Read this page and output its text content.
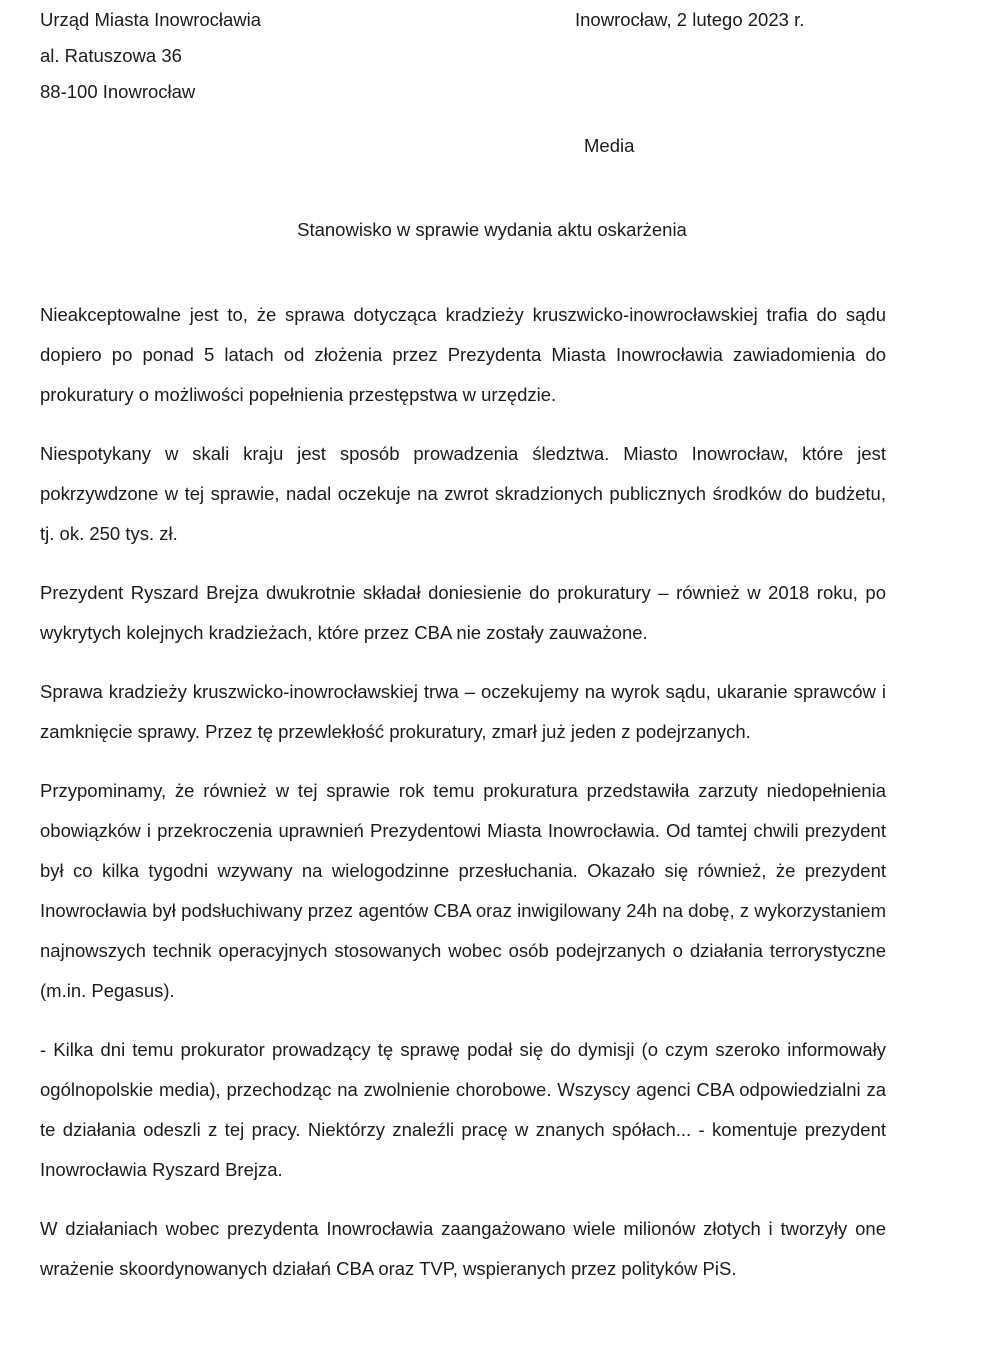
Urząd Miasta Inowrocławia
al. Ratuszowa 36
88-100 Inowrocław
Inowrocław, 2 lutego 2023 r.
Media
Stanowisko w sprawie wydania aktu oskarżenia

Nieakceptowalne jest to, że sprawa dotycząca kradzieży kruszwicko-inowrocławskiej trafia do sądu dopiero po ponad 5 latach od złożenia przez Prezydenta Miasta Inowrocławia zawiadomienia do prokuratury o możliwości popełnienia przestępstwa w urzędzie.

Niespotykany w skali kraju jest sposób prowadzenia śledztwa. Miasto Inowrocław, które jest pokrzywdzone w tej sprawie, nadal oczekuje na zwrot skradzionych publicznych środków do budżetu, tj. ok. 250 tys. zł.

Prezydent Ryszard Brejza dwukrotnie składał doniesienie do prokuratury – również w 2018 roku, po wykrytych kolejnych kradzieżach, które przez CBA nie zostały zauważone.

Sprawa kradzieży kruszwicko-inowrocławskiej trwa – oczekujemy na wyrok sądu, ukaranie sprawców i zamknięcie sprawy. Przez tę przewlekłość prokuratury, zmarł już jeden z podejrzanych.

Przypominamy, że również w tej sprawie rok temu prokuratura przedstawiła zarzuty niedopełnienia obowiązków i przekroczenia uprawnień Prezydentowi Miasta Inowrocławia. Od tamtej chwili prezydent był co kilka tygodni wzywany na wielogodzinne przesłuchania. Okazało się również, że prezydent Inowrocławia był podsłuchiwany przez agentów CBA oraz inwigilowany 24h na dobę, z wykorzystaniem najnowszych technik operacyjnych stosowanych wobec osób podejrzanych o działania terrorystyczne (m.in. Pegasus).

- Kilka dni temu prokurator prowadzący tę sprawę podał się do dymisji (o czym szeroko informowały ogólnopolskie media), przechodząc na zwolnienie chorobowe. Wszyscy agenci CBA odpowiedzialni za te działania odeszli z tej pracy. Niektórzy znaleźli pracę w znanych spółach... - komentuje prezydent Inowrocławia Ryszard Brejza.

W działaniach wobec prezydenta Inowrocławia zaangażowano wiele milionów złotych i tworzyły one wrażenie skoordynowanych działań CBA oraz TVP, wspieranych przez polityków PiS.
